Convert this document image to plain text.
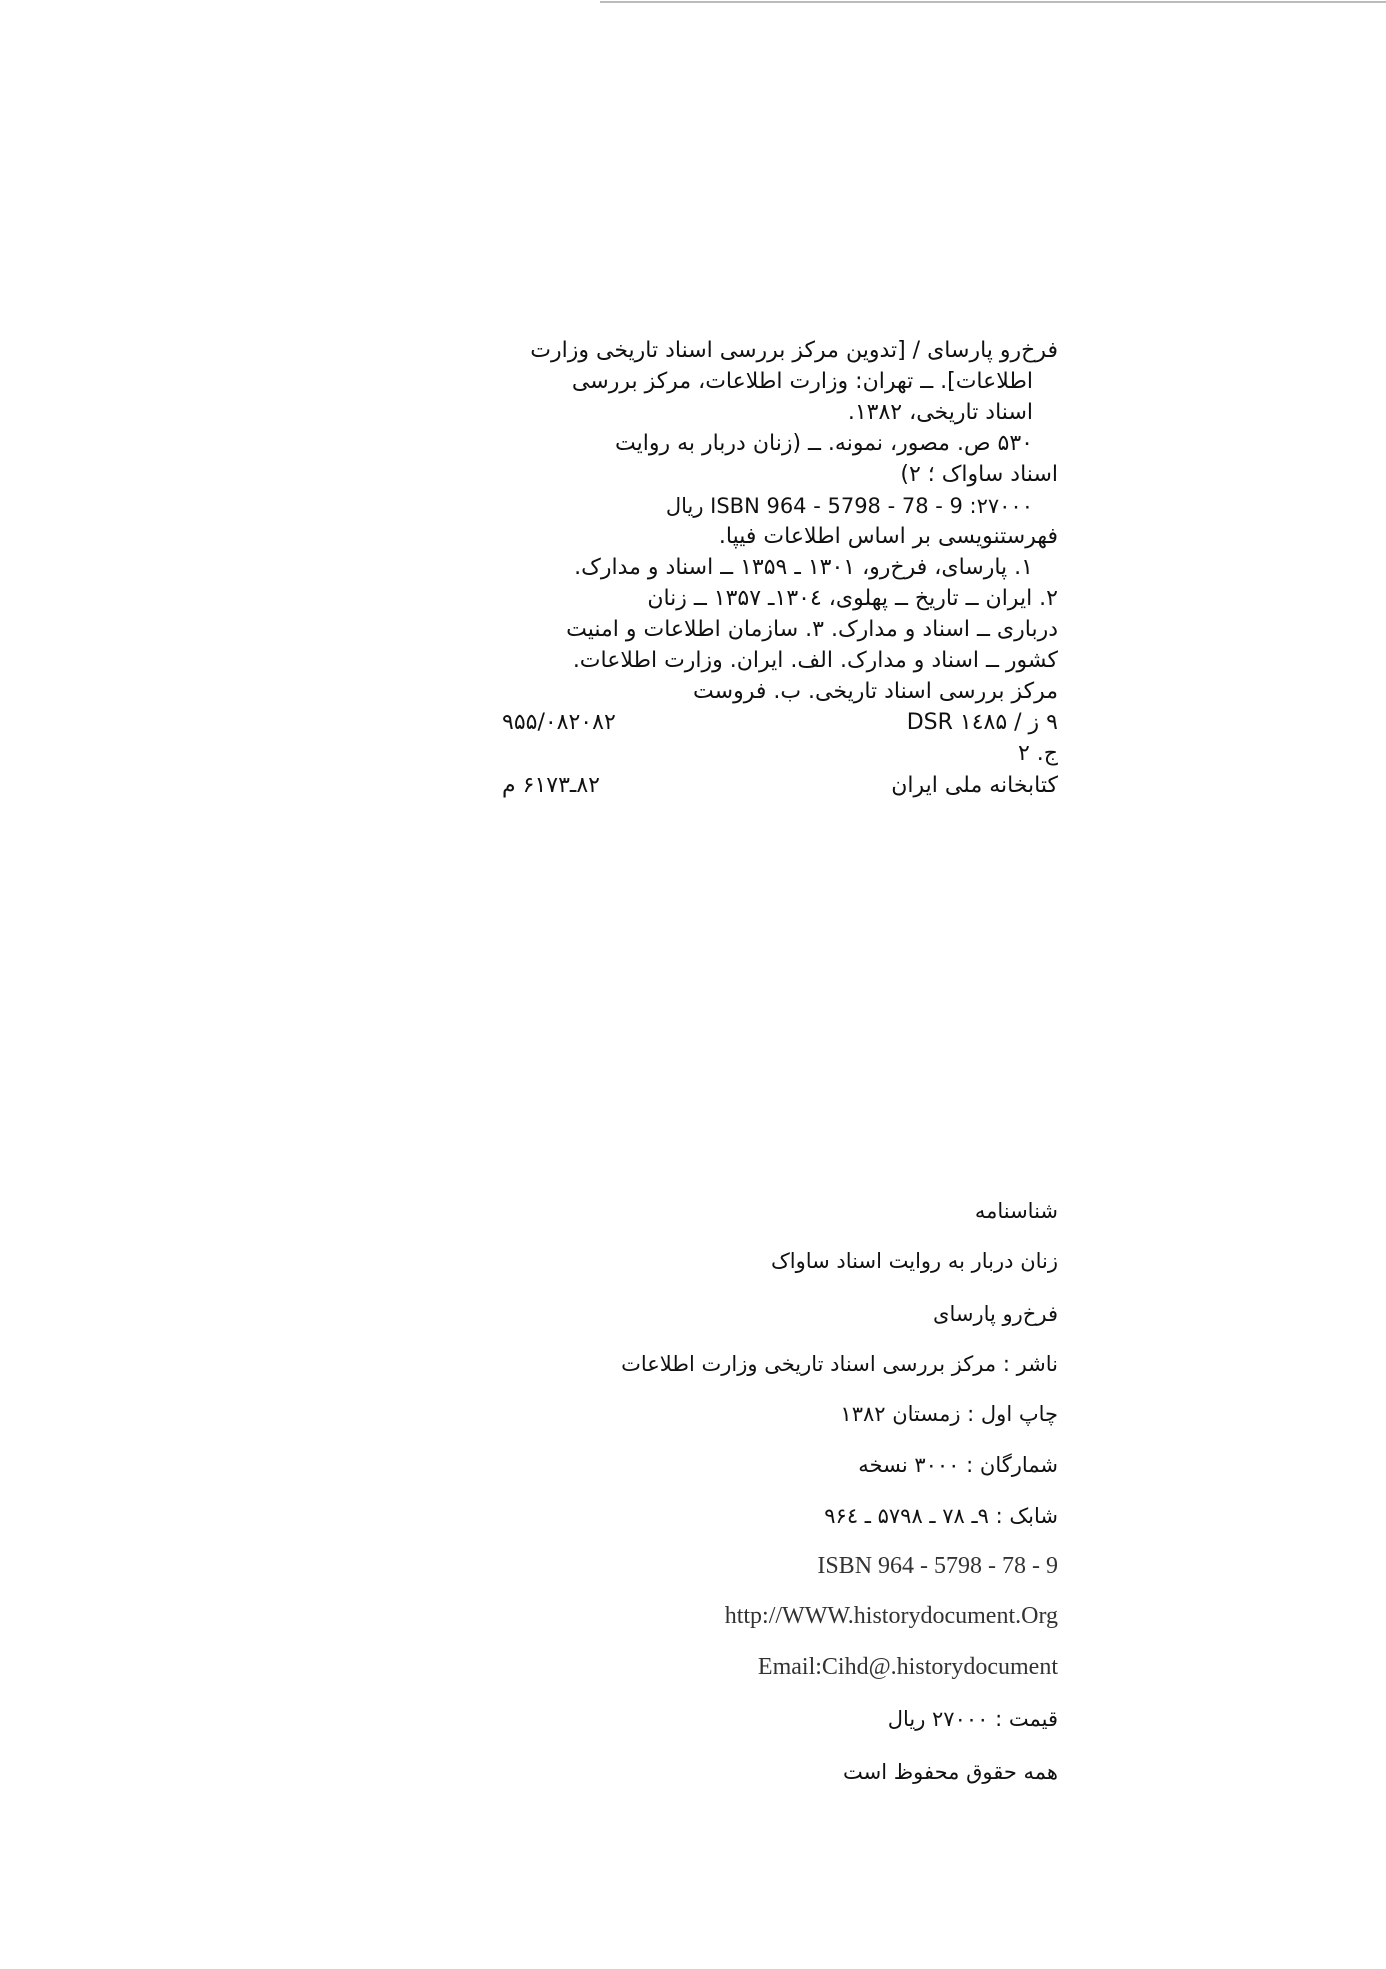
فرخ‌رو پارسای / [تدوین مرکز بررسی اسناد تاریخی وزارت
اطلاعات]. ــ تهران: وزارت اطلاعات، مرکز بررسی
اسناد تاریخی، ۱۳۸۲.
۵۳۰ ص. مصور، نمونه. ــ (زنان دربار به روایت
اسناد ساواک ؛ ۲)
ISBN 964 - 5798 - 78 - 9 :۲۷۰۰۰ ریال
فهرستنویسی بر اساس اطلاعات فیپا.
۱. پارسای، فرخ‌رو، ۱۳۰۱ ـ ۱۳۵۹ ــ اسناد و مدارک.
۲. ایران ــ تاریخ ــ پهلوی، ۱۳۰٤ـ ۱۳۵۷ ــ زنان
درباری ــ اسناد و مدارک. ۳. سازمان اطلاعات و امنیت
کشور ــ اسناد و مدارک. الف. ایران. وزارت اطلاعات.
مرکز بررسی اسناد تاریخی. ب. فروست
۹ ز / DSR ۱٤۸۵
۹۵۵/۰۸۲۰۸۲
ج. ۲
کتابخانه ملی ایران
۸۲ـ۶۱۷۳ م
شناسنامه
زنان دربار به روایت اسناد ساواک
فرخ‌رو پارسای
ناشر : مرکز بررسی اسناد تاریخی وزارت اطلاعات
چاپ اول : زمستان ۱۳۸۲
شمارگان : ۳۰۰۰ نسخه
شابک : ۹ـ ۷۸ ـ ۵۷۹۸ ـ ۹۶٤
ISBN 964 - 5798 - 78 - 9
http://WWW.historydocument.Org
Email:Cihd@.historydocument
قیمت : ۲۷۰۰۰ ریال
همه حقوق محفوظ است
